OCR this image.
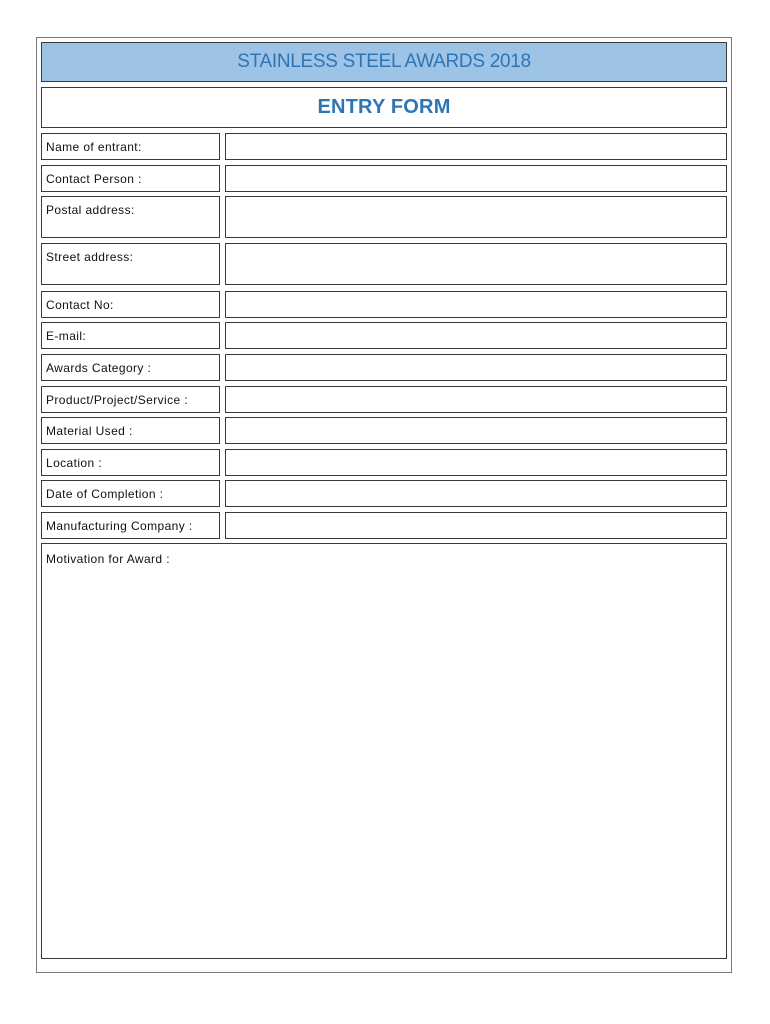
STAINLESS STEEL AWARDS 2018
ENTRY FORM
Name of entrant:
Contact Person :
Postal address:
Street address:
Contact No:
E-mail:
Awards Category :
Product/Project/Service :
Material Used :
Location :
Date of Completion :
Manufacturing Company :
Motivation for Award :
